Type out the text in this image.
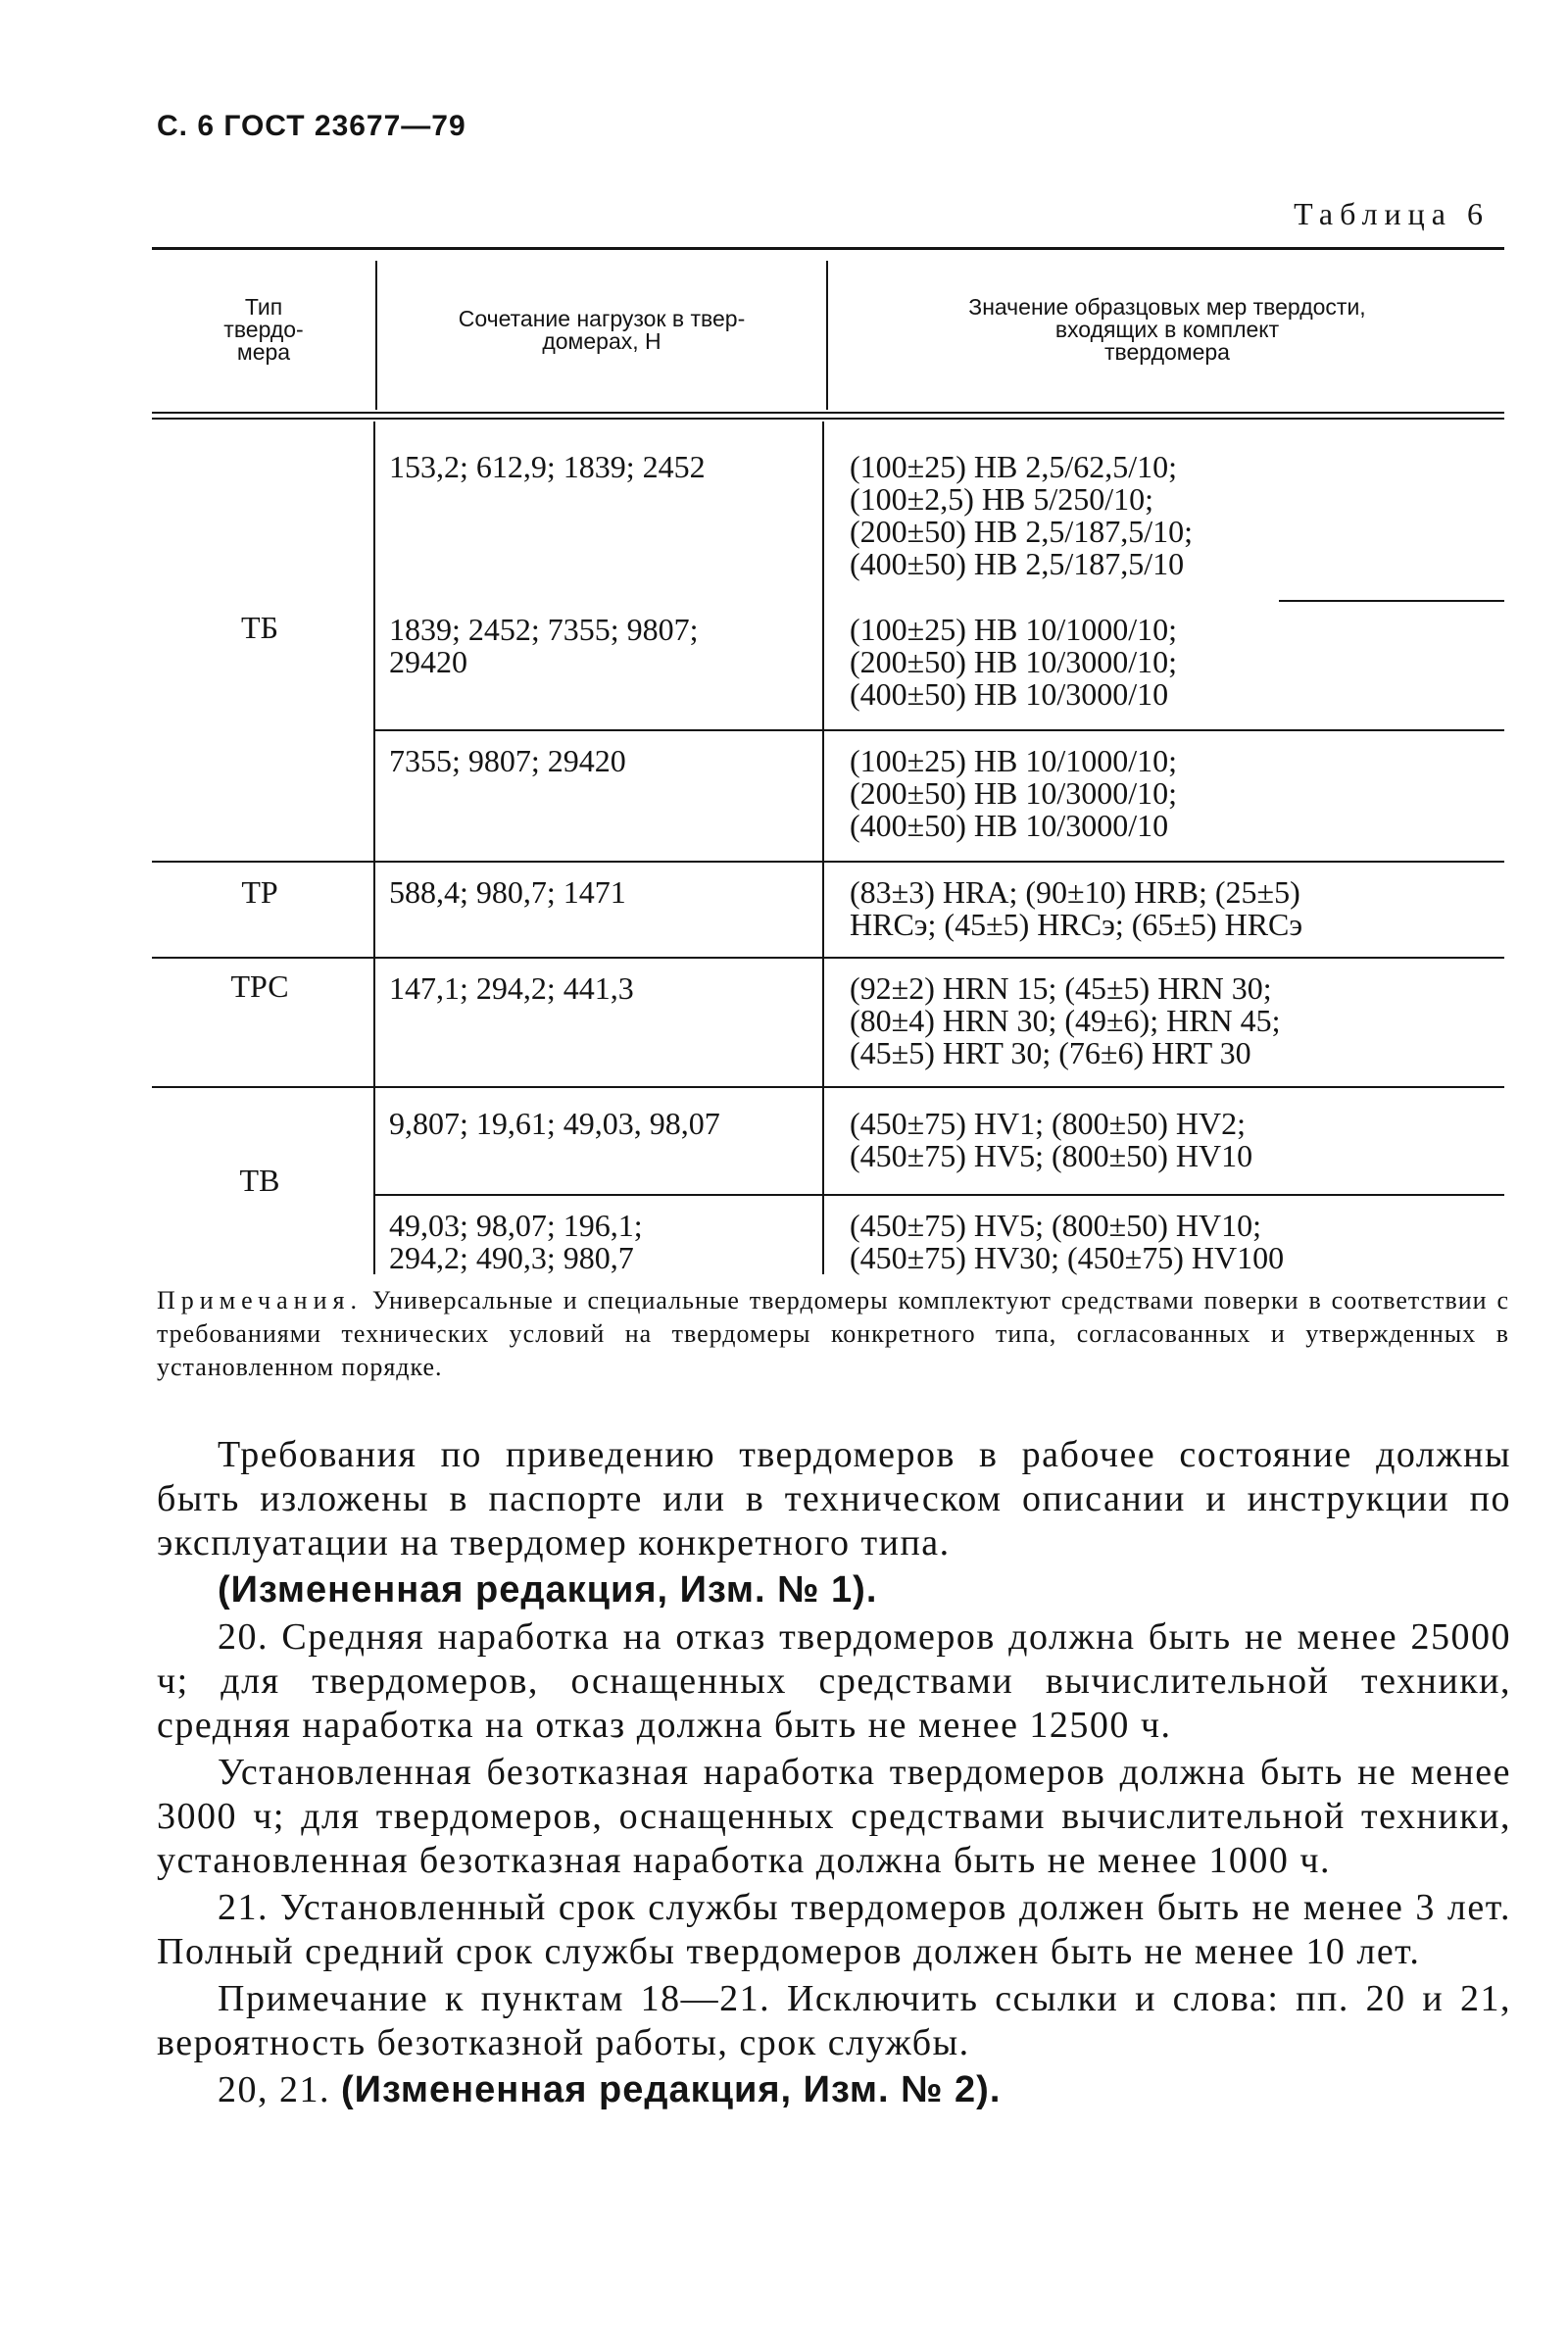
С. 6 ГОСТ 23677—79
Таблица 6
Тип
твердо-
мера
Сочетание нагрузок в твер-
домерах, Н
Значение образцовых мер твердости,
входящих в комплект
твердомера
ТБ
ТР
ТРС
ТВ
153,2; 612,9; 1839; 2452
1839; 2452; 7355; 9807;
29420
7355; 9807; 29420
588,4; 980,7; 1471
147,1; 294,2; 441,3
9,807; 19,61; 49,03, 98,07
49,03; 98,07; 196,1;
294,2; 490,3; 980,7
(100±25) HB 2,5/62,5/10;
(100±2,5) HB 5/250/10;
(200±50) HB 2,5/187,5/10;
(400±50) HB 2,5/187,5/10
(100±25) HB 10/1000/10;
(200±50) HB 10/3000/10;
(400±50) HB 10/3000/10
(100±25) HB 10/1000/10;
(200±50) HB 10/3000/10;
(400±50) HB 10/3000/10
(83±3) HRA; (90±10) HRB; (25±5)
HRCэ; (45±5) HRCэ; (65±5) HRCэ
(92±2) HRN 15; (45±5) HRN 30;
(80±4) HRN 30; (49±6); HRN 45;
(45±5) HRT 30; (76±6) HRT 30
(450±75) HV1; (800±50) HV2;
(450±75) HV5; (800±50) HV10
(450±75) HV5; (800±50) HV10;
(450±75) HV30; (450±75) HV100
Примечания. Универсальные и специальные твердомеры комплектуют средствами поверки в соответствии с требованиями технических условий на твердомеры конкретного типа, согласованных и утвержденных в установленном порядке.

Требования по приведению твердомеров в рабочее состояние должны быть изложены в паспорте или в техническом описании и инструкции по эксплуатации на твердомер конкретного типа.

(Измененная редакция, Изм. № 1).

20. Средняя наработка на отказ твердомеров должна быть не менее 25000 ч; для твердомеров, оснащенных средствами вычислительной техники, средняя наработка на отказ должна быть не менее 12500 ч.

Установленная безотказная наработка твердомеров должна быть не менее 3000 ч; для твердомеров, оснащенных средствами вычислительной техники, установленная безотказная наработка должна быть не менее 1000 ч.

21. Установленный срок службы твердомеров должен быть не менее 3 лет. Полный средний срок службы твердомеров должен быть не менее 10 лет.

Примечание к пунктам 18—21. Исключить ссылки и слова: пп. 20 и 21, вероятность безотказной работы, срок службы.

20, 21. (Измененная редакция, Изм. № 2).
